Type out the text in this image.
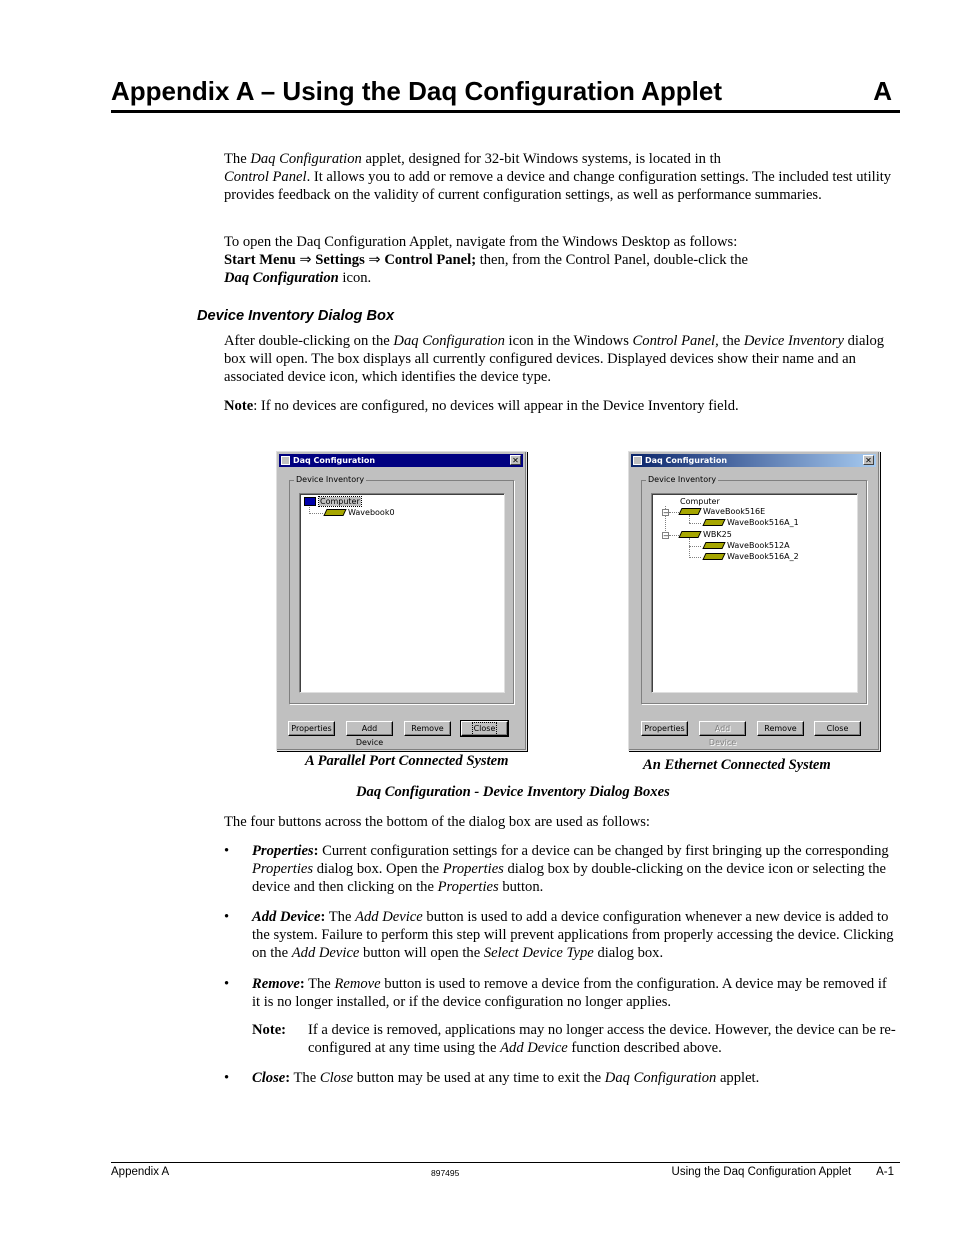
Appendix A – Using the Daq Configuration Applet	A
The Daq Configuration applet, designed for 32-bit Windows systems, is located in th
Control Panel. It allows you to add or remove a device and change configuration settings. The included test utility provides feedback on the validity of current configuration settings, as well as performance summaries.
To open the Daq Configuration Applet, navigate from the Windows Desktop as follows:
Start Menu ⇒ Settings ⇒ Control Panel; then, from the Control Panel, double-click the
Daq Configuration icon.
Device Inventory Dialog Box
After double-clicking on the Daq Configuration icon in the Windows Control Panel, the Device Inventory dialog box will open. The box displays all currently configured devices. Displayed devices show their name and an associated device icon, which identifies the device type.
Note: If no devices are configured, no devices will appear in the Device Inventory field.
Daq Configuration	✕
Device Inventory
Computer
Wavebook0
Properties	Add Device
Remove	Close
Daq Configuration	✕
Device Inventory
Computer
−	WaveBook516E
WaveBook516A_1
−	WBK25
WaveBook512A
WaveBook516A_2
Properties	Add Device
Remove	Close
A Parallel Port Connected System	An Ethernet Connected System
Daq Configuration - Device Inventory Dialog Boxes
The four buttons across the bottom of the dialog box are used as follows:
• Properties: Current configuration settings for a device can be changed by first bringing up the corresponding Properties dialog box. Open the Properties dialog box by double-clicking on the device icon or selecting the device and then clicking on the Properties button.
• Add Device: The Add Device button is used to add a device configuration whenever a new device is added to the system. Failure to perform this step will prevent applications from properly accessing the device. Clicking on the Add Device button will open the Select Device Type dialog box.
• Remove: The Remove button is used to remove a device from the configuration. A device may be removed if it is no longer installed, or if the device configuration no longer applies.
Note: If a device is removed, applications may no longer access the device. However, the device can be re-configured at any time using the Add Device function described above.
• Close: The Close button may be used at any time to exit the Daq Configuration applet.
Appendix A	897495	Using the Daq Configuration Applet        A-1
